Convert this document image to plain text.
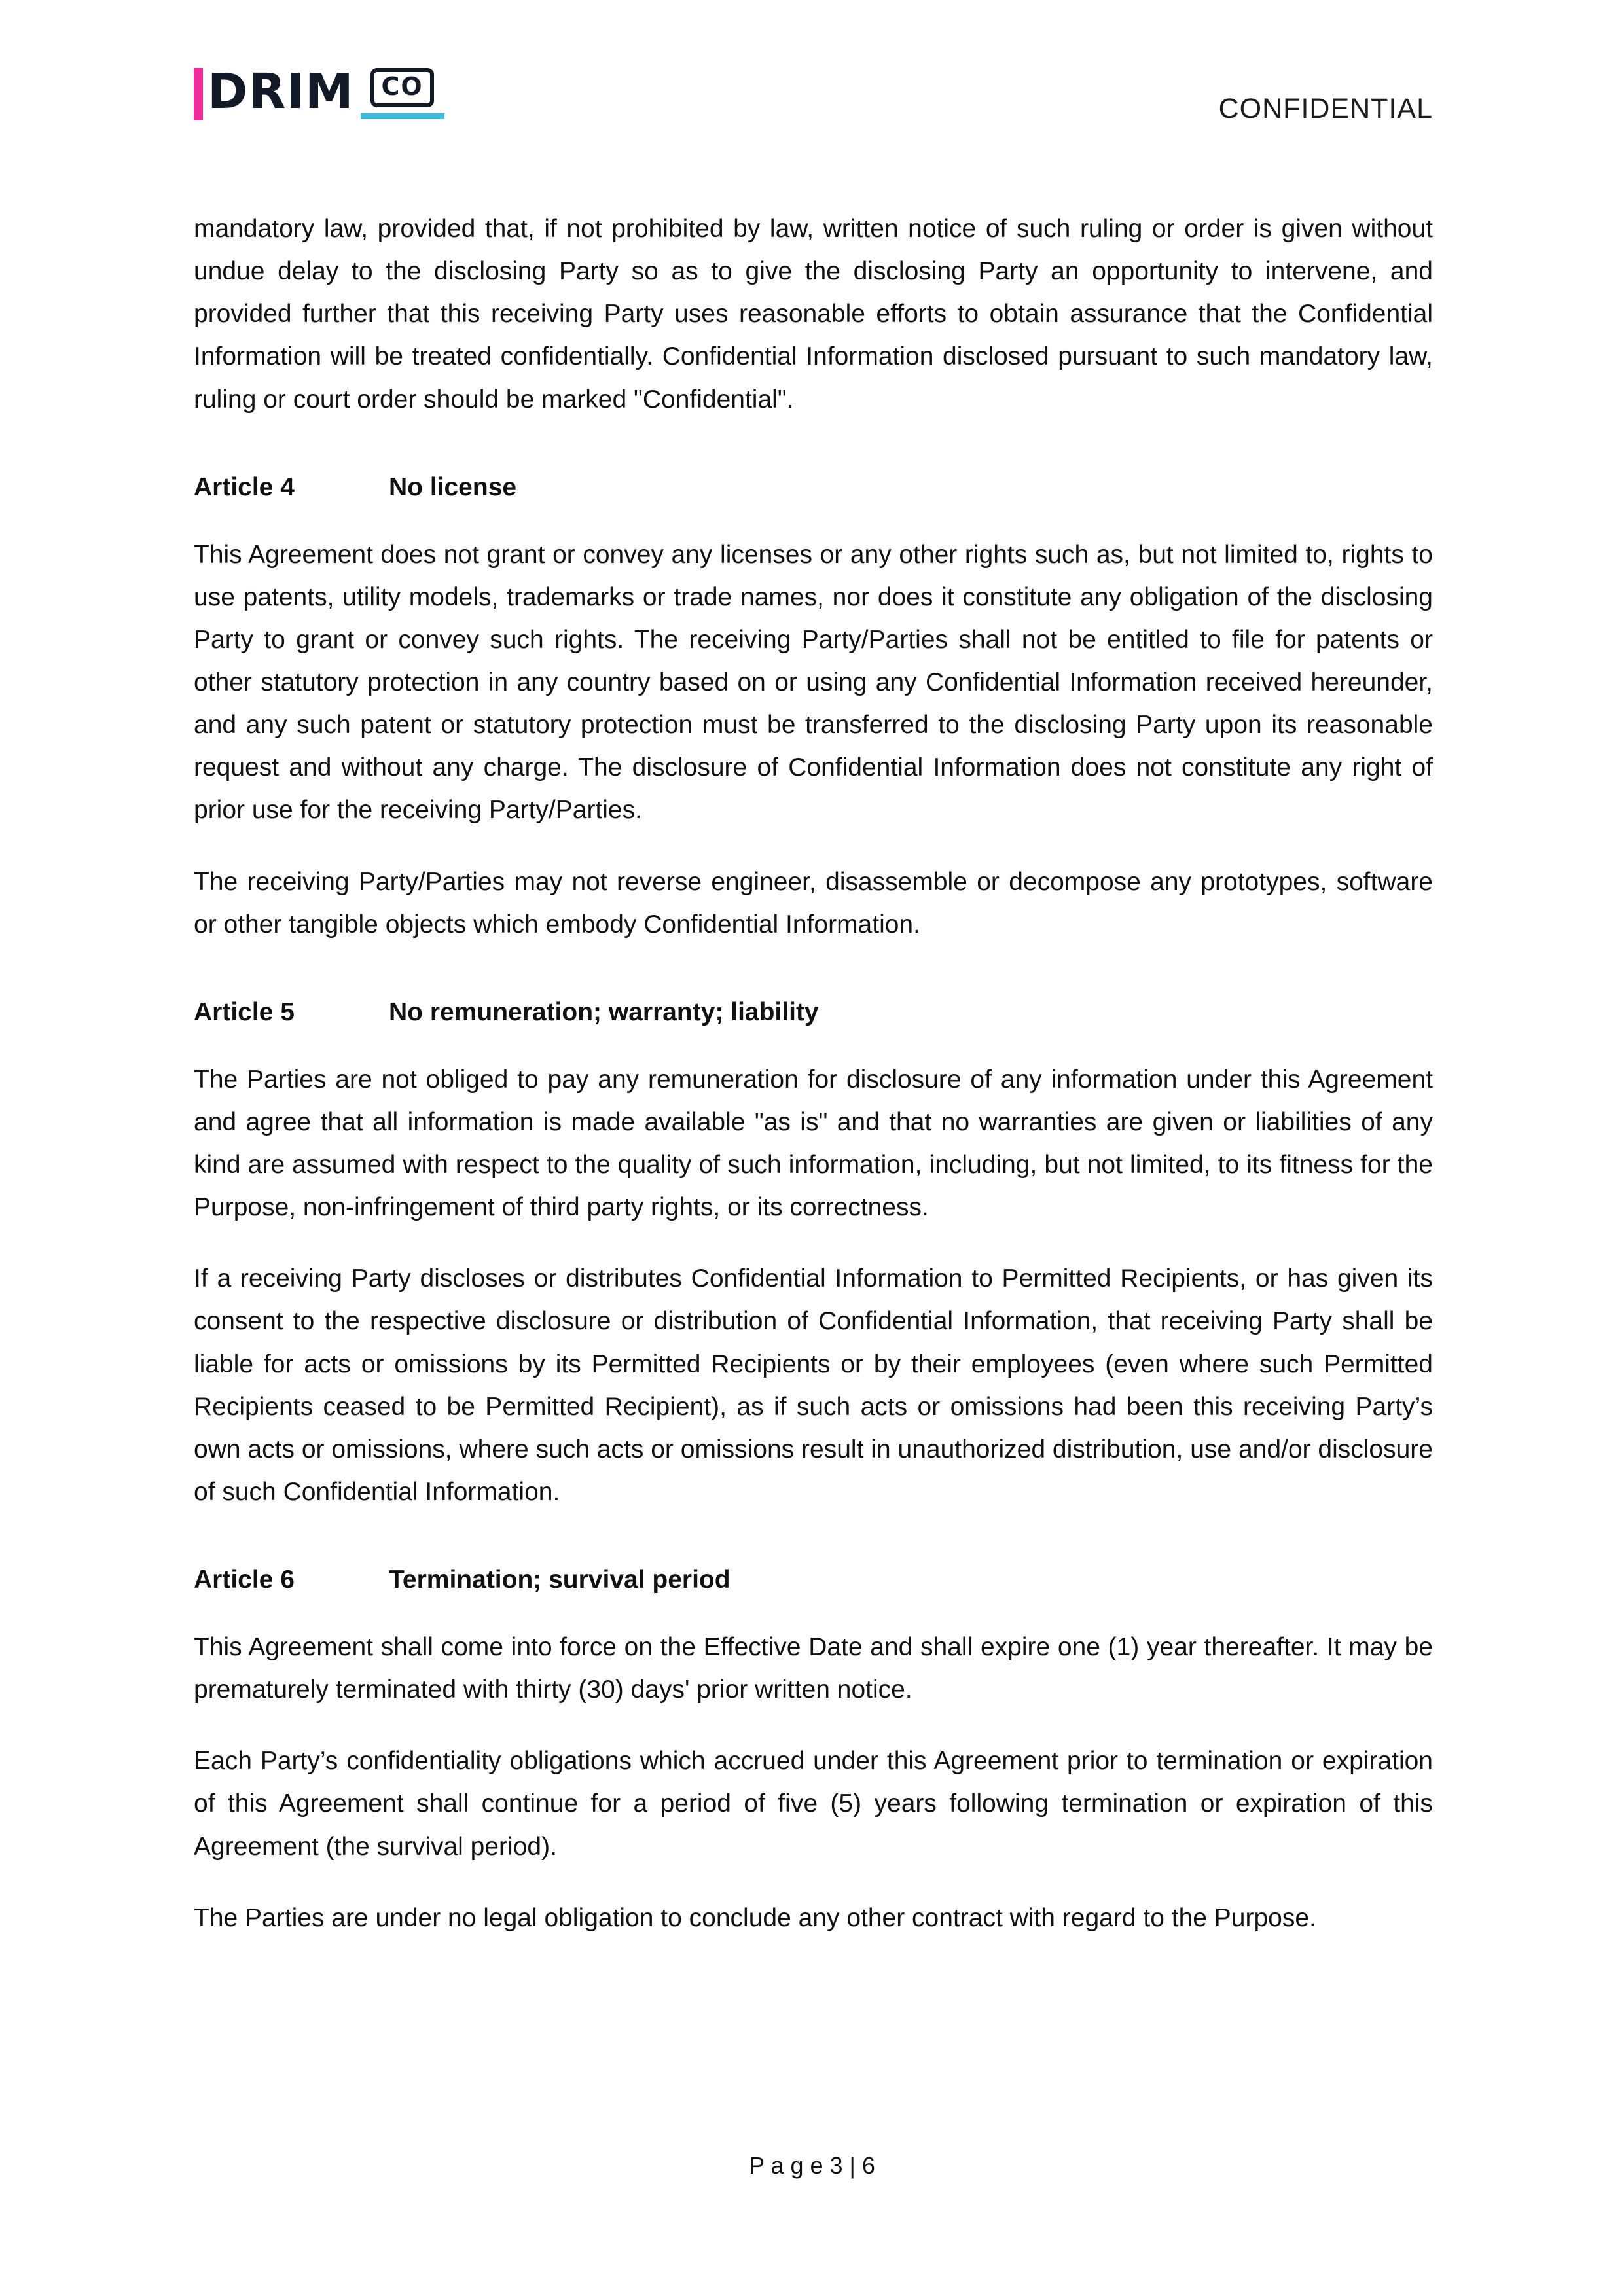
DRIM	CO
CONFIDENTIAL

mandatory law, provided that, if not prohibited by law, written notice of such ruling or order is given without undue delay to the disclosing Party so as to give the disclosing Party an opportunity to intervene, and provided further that this receiving Party uses reasonable efforts to obtain assurance that the Confidential Information will be treated confidentially. Confidential Information disclosed pursuant to such mandatory law, ruling or court order should be marked "Confidential".

Article 4	No license

This Agreement does not grant or convey any licenses or any other rights such as, but not limited to, rights to use patents, utility models, trademarks or trade names, nor does it constitute any obligation of the disclosing Party to grant or convey such rights. The receiving Party/Parties shall not be entitled to file for patents or other statutory protection in any country based on or using any Confidential Information received hereunder, and any such patent or statutory protection must be transferred to the disclosing Party upon its reasonable request and without any charge. The disclosure of Confidential Information does not constitute any right of prior use for the receiving Party/Parties.

The receiving Party/Parties may not reverse engineer, disassemble or decompose any prototypes, software or other tangible objects which embody Confidential Information.

Article 5	No remuneration; warranty; liability

The Parties are not obliged to pay any remuneration for disclosure of any information under this Agreement and agree that all information is made available "as is" and that no warranties are given or liabilities of any kind are assumed with respect to the quality of such information, including, but not limited, to its fitness for the Purpose, non-infringement of third party rights, or its correctness.

If a receiving Party discloses or distributes Confidential Information to Permitted Recipients, or has given its consent to the respective disclosure or distribution of Confidential Information, that receiving Party shall be liable for acts or omissions by its Permitted Recipients or by their employees (even where such Permitted Recipients ceased to be Permitted Recipient), as if such acts or omissions had been this receiving Party’s own acts or omissions, where such acts or omissions result in unauthorized distribution, use and/or disclosure of such Confidential Information.

Article 6	Termination; survival period

This Agreement shall come into force on the Effective Date and shall expire one (1) year thereafter. It may be prematurely terminated with thirty (30) days' prior written notice.

Each Party’s confidentiality obligations which accrued under this Agreement prior to termination or expiration of this Agreement shall continue for a period of five (5) years following termination or expiration of this Agreement (the survival period).

The Parties are under no legal obligation to conclude any other contract with regard to the Purpose.

P a g e 3 | 6
